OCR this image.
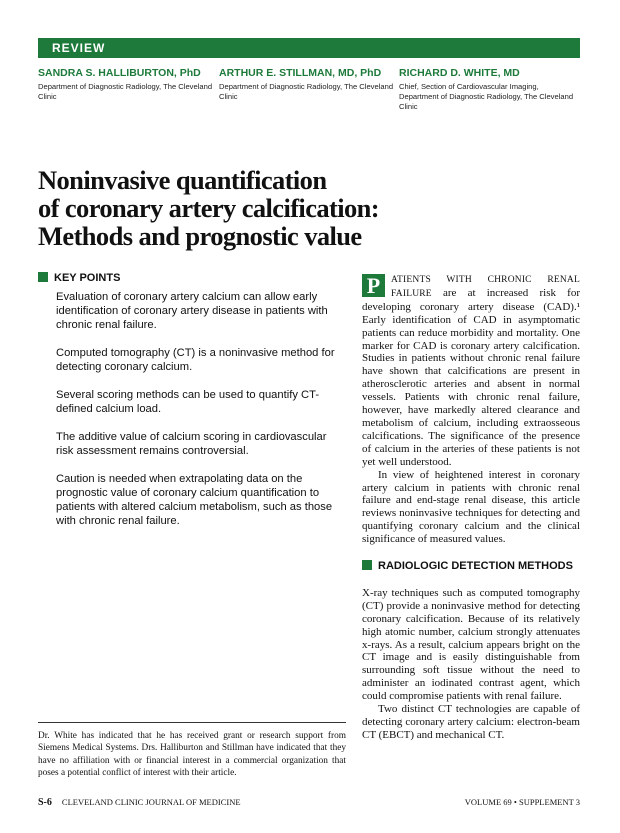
REVIEW
SANDRA S. HALLIBURTON, PhD
Department of Diagnostic Radiology, The Cleveland Clinic
ARTHUR E. STILLMAN, MD, PhD
Department of Diagnostic Radiology, The Cleveland Clinic
RICHARD D. WHITE, MD
Chief, Section of Cardiovascular Imaging, Department of Diagnostic Radiology, The Cleveland Clinic
Noninvasive quantification
of coronary artery calcification:
Methods and prognostic value
KEY POINTS
Evaluation of coronary artery calcium can allow early identification of coronary artery disease in patients with chronic renal failure.
Computed tomography (CT) is a noninvasive method for detecting coronary calcium.
Several scoring methods can be used to quantify CT-defined calcium load.
The additive value of calcium scoring in cardiovascular risk assessment remains controversial.
Caution is needed when extrapolating data on the prognostic value of coronary calcium quantification to patients with altered calcium metabolism, such as those with chronic renal failure.
Dr. White has indicated that he has received grant or research support from Siemens Medical Systems. Drs. Halliburton and Stillman have indicated that they have no affiliation with or financial interest in a commercial organization that poses a potential conflict of interest with their article.

P	ATIENTS WITH CHRONIC RENAL FAILURE are at increased risk for developing coronary artery disease (CAD).¹ Early identification of CAD in asymptomatic patients can reduce morbidity and mortality. One marker for CAD is coronary artery calcification. Studies in patients without chronic renal failure have shown that calcifications are present in atherosclerotic arteries and absent in normal vessels. Patients with chronic renal failure, however, have markedly altered clearance and metabolism of calcium, including extraosseous calcifications. The significance of the presence of calcium in the arteries of these patients is not yet well understood.

In view of heightened interest in coronary artery calcium in patients with chronic renal failure and end-stage renal disease, this article reviews noninvasive techniques for detecting and quantifying coronary calcium and the clinical significance of measured values.

RADIOLOGIC DETECTION METHODS

X-ray techniques such as computed tomography (CT) provide a noninvasive method for detecting coronary calcification. Because of its relatively high atomic number, calcium strongly attenuates x-rays. As a result, calcium appears bright on the CT image and is easily distinguishable from surrounding soft tissue without the need to administer an iodinated contrast agent, which could compromise patients with renal failure.

Two distinct CT technologies are capable of detecting coronary artery calcium: electron-beam CT (EBCT) and mechanical CT.

S-6 CLEVELAND CLINIC JOURNAL OF MEDICINE	VOLUME 69 • SUPPLEMENT 3
